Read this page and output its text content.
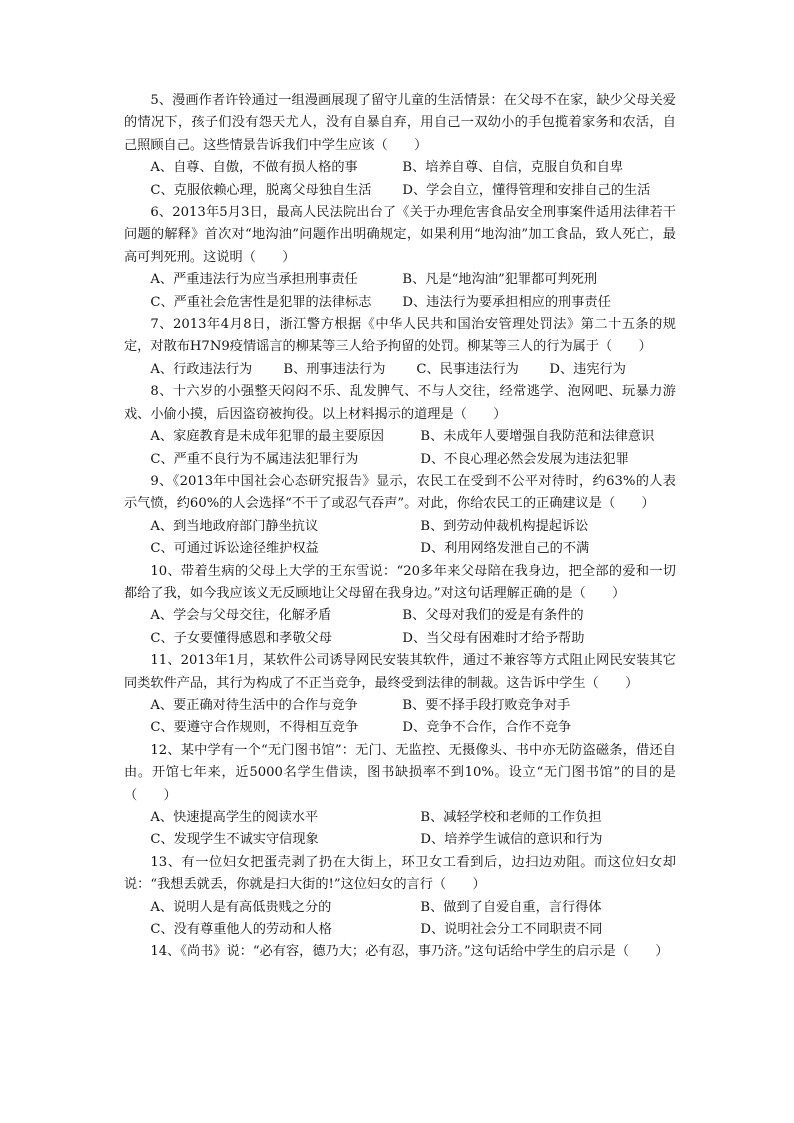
5、漫画作者许铃通过一组漫画展现了留守儿童的生活情景：在父母不在家，缺少父母关爱的情况下，孩子们没有怨天尤人，没有自暴自弃，用自己一双幼小的手包揽着家务和农活，自己照顾自己。这些情景告诉我们中学生应该（　　）

A、自尊、自傲，不做有损人格的事	B、培养自尊、自信，克服自负和自卑
C、克服依赖心理，脱离父母独自生活	D、学会自立，懂得管理和安排自己的生活

6、2013年5月3日，最高人民法院出台了《关于办理危害食品安全刑事案件适用法律若干问题的解释》首次对“地沟油”问题作出明确规定，如果利用“地沟油”加工食品，致人死亡，最高可判死刑。这说明（　　）

A、严重违法行为应当承担刑事责任	B、凡是“地沟油”犯罪都可判死刑
C、严重社会危害性是犯罪的法律标志	D、违法行为要承担相应的刑事责任

7、2013年4月8日，浙江警方根据《中华人民共和国治安管理处罚法》第二十五条的规定，对散布H7N9疫情谣言的柳某等三人给予拘留的处罚。柳某等三人的行为属于（　　）

A、行政违法行为	B、刑事违法行为	C、民事违法行为	D、违宪行为

8、十六岁的小强整天闷闷不乐、乱发脾气、不与人交往，经常逃学、泡网吧、玩暴力游戏、小偷小摸，后因盗窃被拘役。以上材料揭示的道理是（　　）

A、家庭教育是未成年犯罪的最主要原因	B、未成年人要增强自我防范和法律意识
C、严重不良行为不属违法犯罪行为	D、不良心理必然会发展为违法犯罪

9、《2013年中国社会心态研究报告》显示，农民工在受到不公平对待时，约63%的人表示气愤，约60%的人会选择“不干了或忍气吞声”。对此，你给农民工的正确建议是（　　）

A、到当地政府部门静坐抗议	B、到劳动仲裁机构提起诉讼
C、可通过诉讼途径维护权益	D、利用网络发泄自己的不满

10、带着生病的父母上大学的王东雪说：“20多年来父母陪在我身边，把全部的爱和一切都给了我，如今我应该义无反顾地让父母留在我身边。”对这句话理解正确的是（　　）

A、学会与父母交往，化解矛盾	B、父母对我们的爱是有条件的
C、子女要懂得感恩和孝敬父母	D、当父母有困难时才给予帮助

11、2013年1月，某软件公司诱导网民安装其软件，通过不兼容等方式阻止网民安装其它同类软件产品，其行为构成了不正当竞争，最终受到法律的制裁。这告诉中学生（　　）

A、要正确对待生活中的合作与竞争	B、要不择手段打败竞争对手
C、要遵守合作规则，不得相互竞争	D、竞争不合作，合作不竞争

12、某中学有一个“无门图书馆”：无门、无监控、无摄像头、书中亦无防盗磁条，借还自由。开馆七年来，近5000名学生借读，图书缺损率不到10%。设立“无门图书馆”的目的是（　　）

A、快速提高学生的阅读水平	B、减轻学校和老师的工作负担
C、发现学生不诚实守信现象	D、培养学生诚信的意识和行为

13、有一位妇女把蛋壳剥了扔在大街上，环卫女工看到后，边扫边劝阻。而这位妇女却说：“我想丢就丢，你就是扫大街的!”这位妇女的言行（　　）

A、说明人是有高低贵贱之分的	B、做到了自爱自重，言行得体
C、没有尊重他人的劳动和人格	D、说明社会分工不同职责不同

14、《尚书》说：“必有容，德乃大；必有忍，事乃济。”这句话给中学生的启示是（　　）
